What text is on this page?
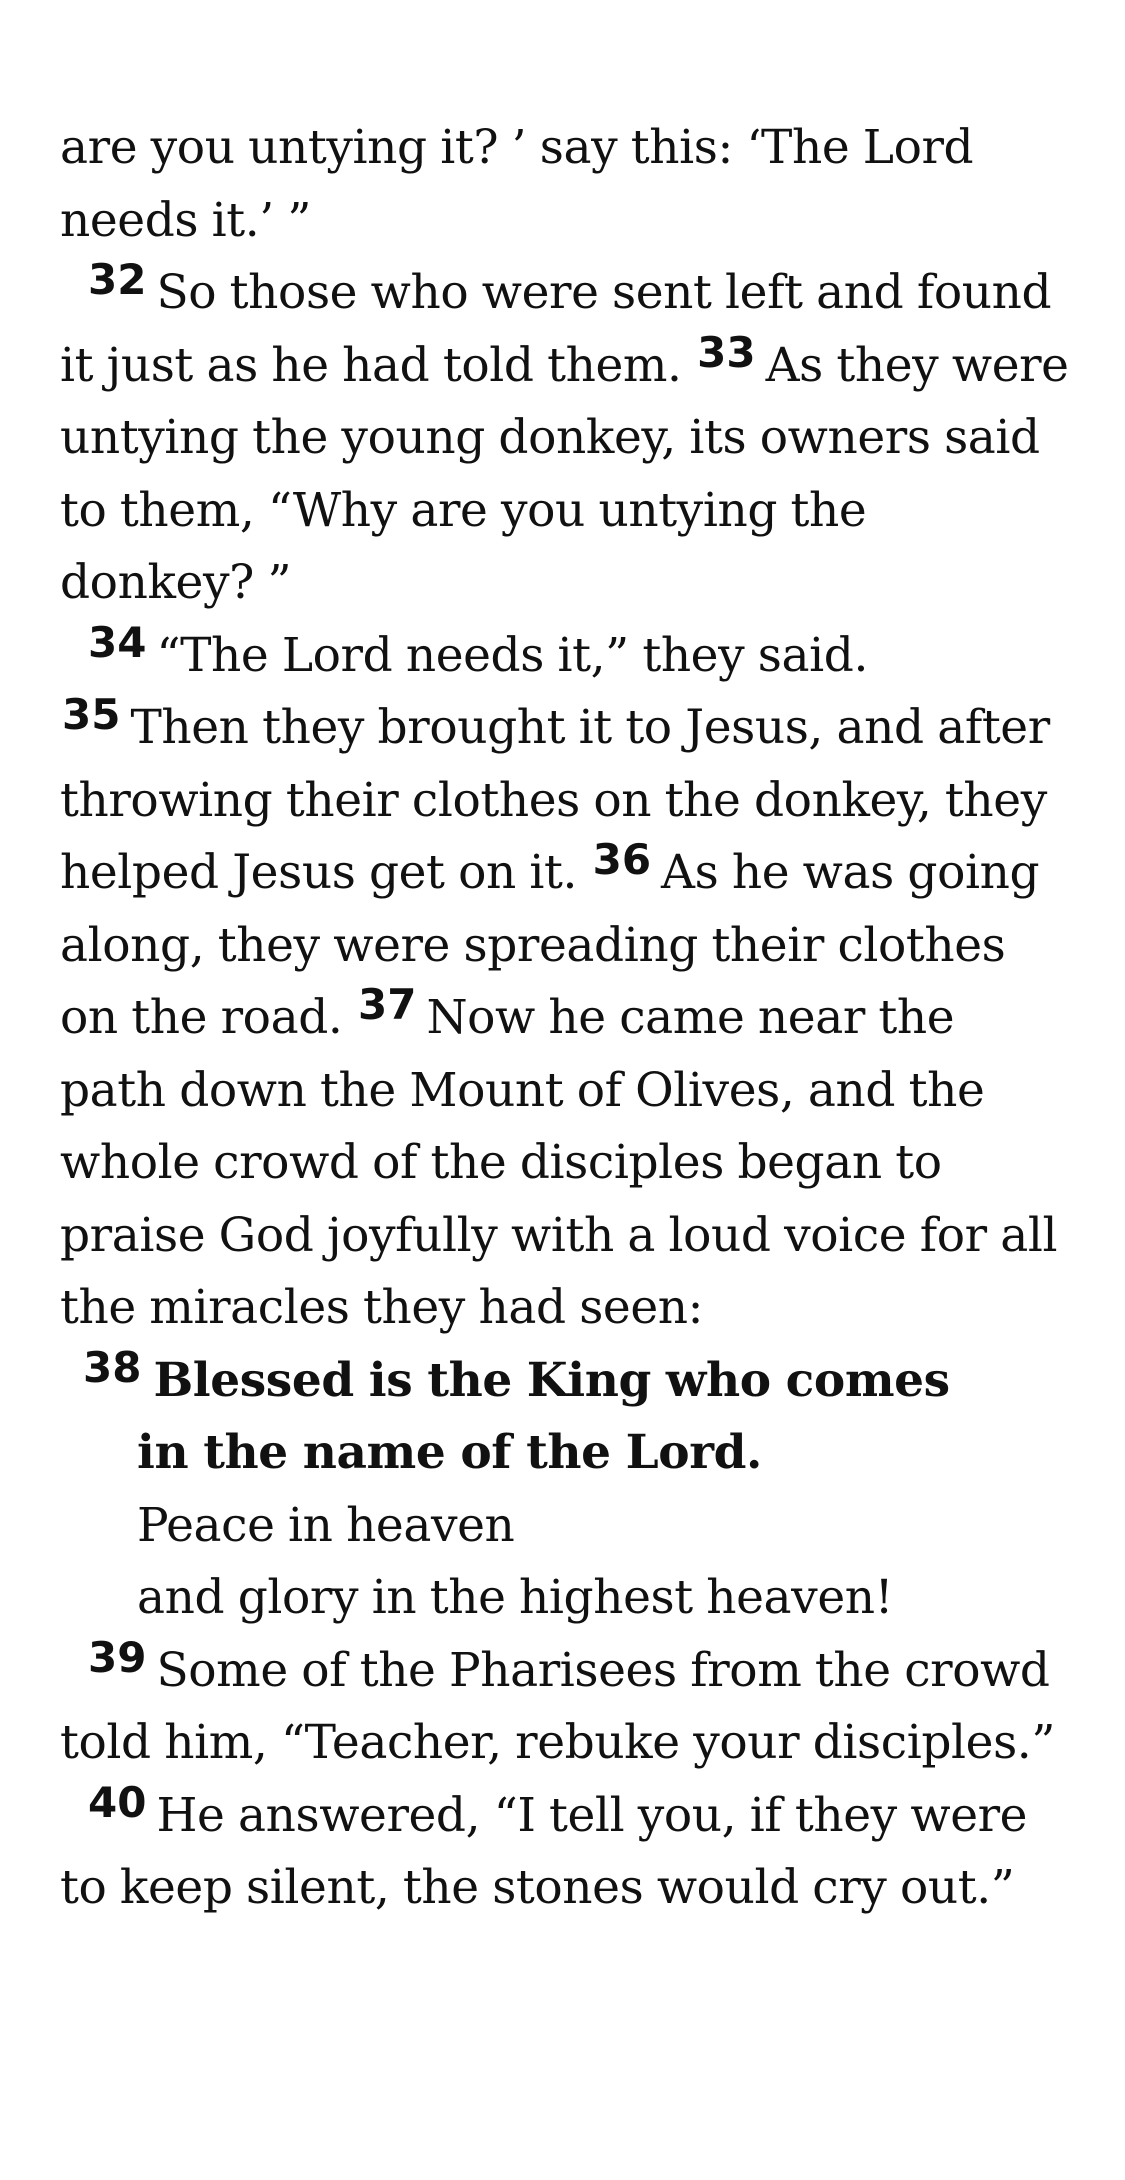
are you untying it? ’ say this: ‘The Lord needs it.’ ”

32 So those who were sent left and found it just as he had told them. 33 As they were untying the young donkey, its owners said to them, “Why are you untying the donkey? ”

34 “The Lord needs it,” they said. 35 Then they brought it to Jesus, and after throwing their clothes on the donkey, they helped Jesus get on it. 36 As he was going along, they were spreading their clothes on the road. 37 Now he came near the path down the Mount of Olives, and the whole crowd of the disciples began to praise God joyfully with a loud voice for all the miracles they had seen:

38 Blessed is the King who comes
in the name of the Lord.
Peace in heaven
and glory in the highest heaven!

39 Some of the Pharisees from the crowd told him, “Teacher, rebuke your disciples.”

40 He answered, “I tell you, if they were to keep silent, the stones would cry out.”
